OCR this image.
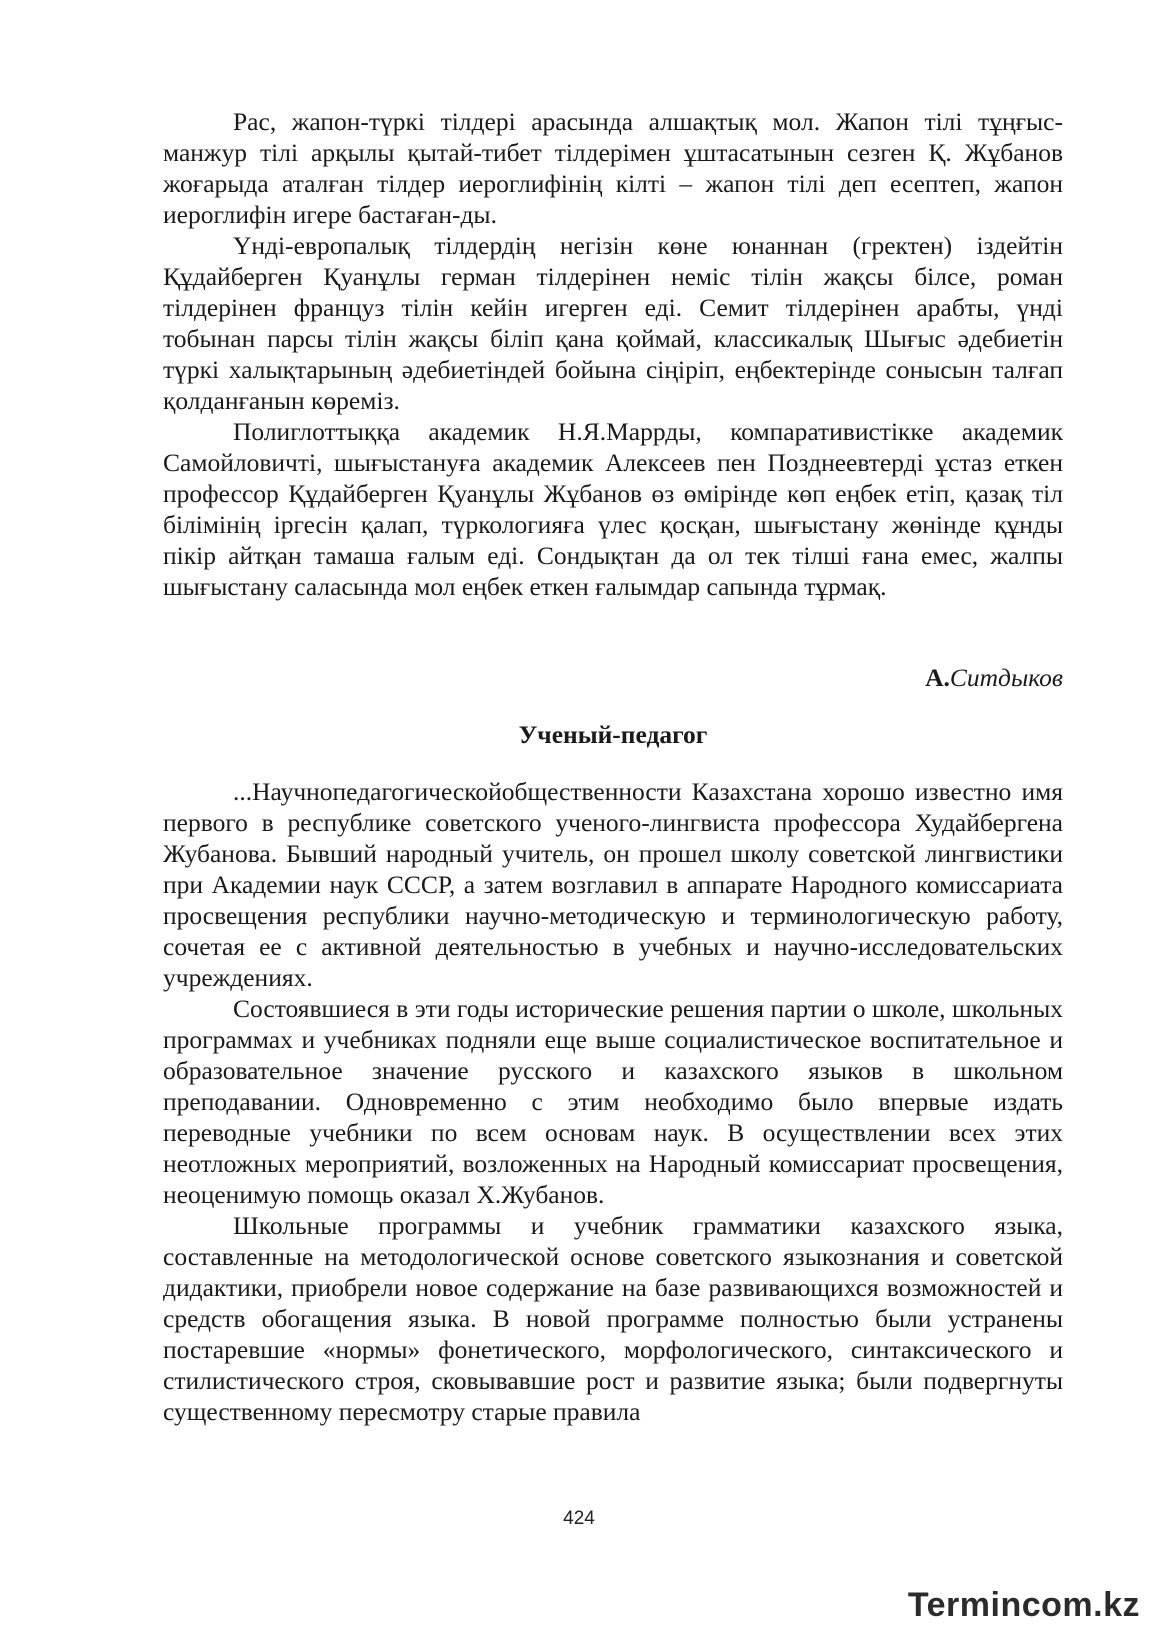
Рас, жапон-түркі тілдері арасында алшақтық мол. Жапон тілі тұңғыс-манжур тілі арқылы қытай-тибет тілдерімен ұштасатынын сезген Қ. Жұбанов жоғарыда аталған тілдер иероглифінің кілті – жапон тілі деп есептеп, жапон иероглифін игере бастаған-ды.

Үнді-европалық тілдердің негізін көне юнаннан (гректен) іздейтін Құдайберген Қуанұлы герман тілдерінен неміс тілін жақсы білсе, роман тілдерінен француз тілін кейін игерген еді. Семит тілдерінен арабты, үнді тобынан парсы тілін жақсы біліп қана қоймай, классикалық Шығыс әдебиетін түркі халықтарының әдебиетіндей бойына сіңіріп, еңбектерінде сонысын талғап қолданғанын көреміз.

Полиглоттыққа академик Н.Я.Маррды, компаративистікке академик Самойловичті, шығыстануға академик Алексеев пен Позднеевтерді ұстаз еткен профессор Құдайберген Қуанұлы Жұбанов өз өмірінде көп еңбек етіп, қазақ тіл білімінің іргесін қалап, түркологияға үлес қосқан, шығыстану жөнінде құнды пікір айтқан тамаша ғалым еді. Сондықтан да ол тек тілші ғана емес, жалпы шығыстану саласында мол еңбек еткен ғалымдар сапында тұрмақ.

А.Ситдыков

Ученый-педагог

...Научнопедагогическойобщественности Казахстана хорошо известно имя первого в республике советского ученого-лингвиста профессора Худайбергена Жубанова. Бывший народный учитель, он прошел школу советской лингвистики при Академии наук СССР, а затем возглавил в аппарате Народного комиссариата просвещения республики научно-методическую и терминологическую работу, сочетая ее с активной деятельностью в учебных и научно-исследовательских учреждениях.

Состоявшиеся в эти годы исторические решения партии о школе, школьных программах и учебниках подняли еще выше социалистическое воспитательное и образовательное значение русского и казахского языков в школьном преподавании. Одновременно с этим необходимо было впервые издать переводные учебники по всем основам наук. В осуществлении всех этих неотложных мероприятий, возложенных на Народный комиссариат просвещения, неоценимую помощь оказал Х.Жубанов.

Школьные программы и учебник грамматики казахского языка, составленные на методологической основе советского языкознания и советской дидактики, приобрели новое содержание на базе развивающихся возможностей и средств обогащения языка. В новой программе полностью были устранены постаревшие «нормы» фонетического, морфологического, синтаксического и стилистического строя, сковывавшие рост и развитие языка; были подвергнуты существенному пересмотру старые правила

424
Termincom.kz
